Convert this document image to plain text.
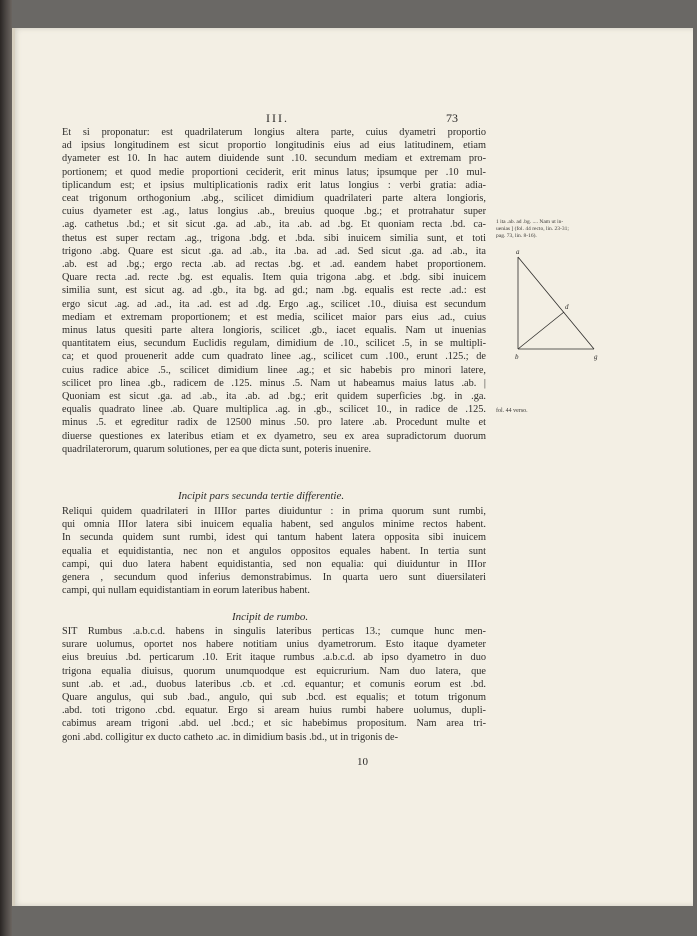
III.	73

Et si proponatur: est quadrilaterum longius altera parte, cuius dyametri proportio

ad ipsius longitudinem est sicut proportio longitudinis eius ad eius latitudinem, etiam

dyameter est 10. In hac autem diuidende sunt .10. secundum mediam et extremam pro-

portionem; et quod medie proportioni ceciderit, erit minus latus; ipsumque per .10 mul-

tiplicandum est; et ipsius multiplicationis radix erit latus longius : verbi gratia: adia-

ceat trigonum orthogonium .abg., scilicet dimidium quadrilateri parte altera longioris,

cuius dyameter est .ag., latus longius .ab., breuius quoque .bg.; et protrahatur super

.ag. cathetus .bd.; et sit sicut .ga. ad .ab., ita .ab. ad .bg. Et quoniam recta .bd. ca-

thetus est super rectam .ag., trigona .bdg. et .bda. sibi inuicem similia sunt, et toti

trigono .abg. Quare est sicut .ga. ad .ab., ita .ba. ad .ad. Sed sicut .ga. ad .ab., ita

.ab. est ad .bg.; ergo recta .ab. ad rectas .bg. et .ad. eandem habet proportionem.

Quare recta .ad. recte .bg. est equalis. Item quia trigona .abg. et .bdg. sibi inuicem

similia sunt, est sicut ag. ad .gb., ita bg. ad gd.; nam .bg. equalis est recte .ad.: est

ergo sicut .ag. ad .ad., ita .ad. est ad .dg. Ergo .ag., scilicet .10., diuisa est secundum

mediam et extremam proportionem; et est media, scilicet maior pars eius .ad., cuius

minus latus quesiti parte altera longioris, scilicet .gb., iacet equalis. Nam ut inuenias

quantitatem eius, secundum Euclidis regulam, dimidium de .10., scilicet .5, in se multipli-

ca; et quod prouenerit adde cum quadrato linee .ag., scilicet cum .100., erunt .125.; de

cuius radice abice .5., scilicet dimidium linee .ag.; et sic habebis pro minori latere,

scilicet pro linea .gb., radicem de .125. minus .5. Nam ut habeamus maius latus .ab. |

Quoniam est sicut .ga. ad .ab., ita .ab. ad .bg.; erit quidem superficies .bg. in .ga.

equalis quadrato linee .ab. Quare multiplica .ag. in .gb., scilicet 10., in radice de .125.

minus .5. et egreditur radix de 12500 minus .50. pro latere .ab. Procedunt multe et

diuerse questiones ex lateribus etiam et ex dyametro, seu ex area supradictorum duorum

quadrilaterorum, quarum solutiones, per ea que dicta sunt, poteris inuenire.

Incipit pars secunda tertie differentie.

Reliqui quidem quadrilateri in IIIIor partes diuiduntur : in prima quorum sunt rumbi,

qui omnia IIIor latera sibi inuicem equalia habent, sed angulos minime rectos habent.

In secunda quidem sunt rumbi, idest qui tantum habent latera opposita sibi inuicem

equalia et equidistantia, nec non et angulos oppositos equales habent. In tertia sunt

campi, qui duo latera habent equidistantia, sed non equalia: qui diuiduntur in IIIor

genera , secundum quod inferius demonstrabimus. In quarta uero sunt diuersilateri

campi, qui nullam equidistantiam in eorum lateribus habent.

Incipit de rumbo.

SIT Rumbus .a.b.c.d. habens in singulis lateribus perticas 13.; cumque hunc men-

surare uolumus, oportet nos habere notitiam unius dyametrorum. Esto itaque dyameter

eius breuius .bd. perticarum .10. Erit itaque rumbus .a.b.c.d. ab ipso dyametro in duo

trigona equalia diuisus, quorum unumquodque est equicrurium. Nam duo latera, que

sunt .ab. et .ad., duobus lateribus .cb. et .cd. equantur; et comunis eorum est .bd.

Quare angulus, qui sub .bad., angulo, qui sub .bcd. est equalis; et totum trigonum

.abd. toti trigono .cbd. equatur. Ergo si aream huius rumbi habere uolumus, dupli-

cabimus aream trigoni .abd. uel .bcd.; et sic habebimus propositum. Nam area tri-

goni .abd. colligitur ex ducto catheto .ac. in dimidium basis .bd., ut in trigonis de-

10
1 ita .ab. ad .bg. .... Nam ut in-
uenias ] (fol. 44 recto, lin. 23-31;
pag. 73, lin. 8-16).
fol. 44 verso.
a
b
d
g
